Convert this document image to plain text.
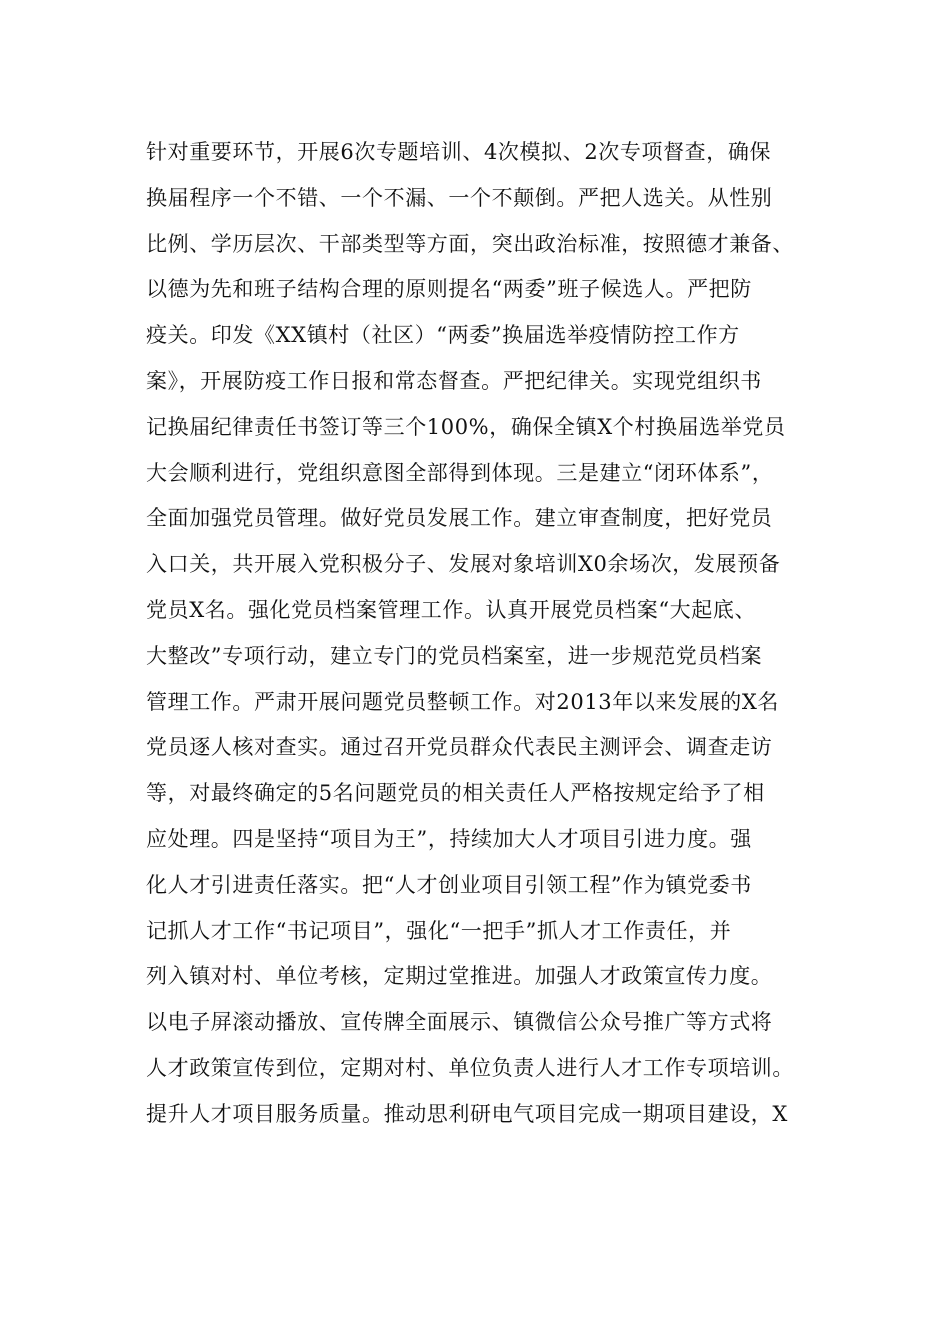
针对重要环节，开展6次专题培训、4次模拟、2次专项督查，确保
换届程序一个不错、一个不漏、一个不颠倒。严把人选关。从性别
比例、学历层次、干部类型等方面，突出政治标准，按照德才兼备、
以德为先和班子结构合理的原则提名“两委”班子候选人。严把防
疫关。印发《XX镇村（社区）“两委”换届选举疫情防控工作方
案》，开展防疫工作日报和常态督查。严把纪律关。实现党组织书
记换届纪律责任书签订等三个100%，确保全镇X个村换届选举党员
大会顺利进行，党组织意图全部得到体现。三是建立“闭环体系”，
全面加强党员管理。做好党员发展工作。建立审查制度，把好党员
入口关，共开展入党积极分子、发展对象培训X0余场次，发展预备
党员X名。强化党员档案管理工作。认真开展党员档案“大起底、
大整改”专项行动，建立专门的党员档案室，进一步规范党员档案
管理工作。严肃开展问题党员整顿工作。对2013年以来发展的X名
党员逐人核对查实。通过召开党员群众代表民主测评会、调查走访
等，对最终确定的5名问题党员的相关责任人严格按规定给予了相
应处理。四是坚持“项目为王”，持续加大人才项目引进力度。强
化人才引进责任落实。把“人才创业项目引领工程”作为镇党委书
记抓人才工作“书记项目”，强化“一把手”抓人才工作责任，并
列入镇对村、单位考核，定期过堂推进。加强人才政策宣传力度。
以电子屏滚动播放、宣传牌全面展示、镇微信公众号推广等方式将
人才政策宣传到位，定期对村、单位负责人进行人才工作专项培训。
提升人才项目服务质量。推动思利研电气项目完成一期项目建设，X
